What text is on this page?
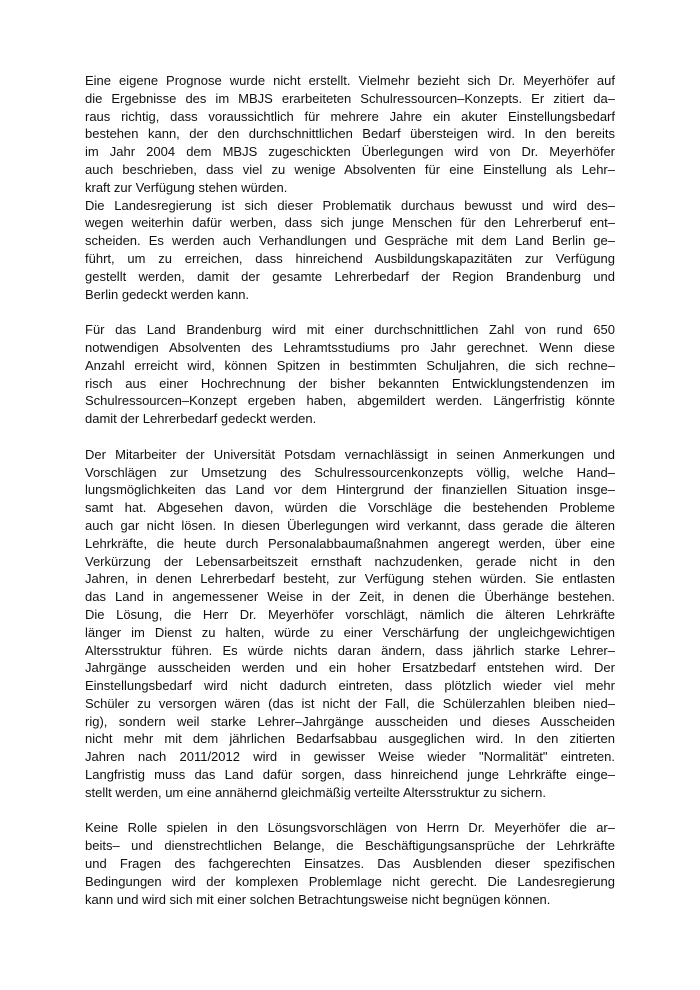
Eine eigene Prognose wurde nicht erstellt. Vielmehr bezieht sich Dr. Meyerhöfer auf
die Ergebnisse des im MBJS erarbeiteten Schulressourcen–Konzepts. Er zitiert da–
raus richtig, dass voraussichtlich für mehrere Jahre ein akuter Einstellungsbedarf
bestehen kann, der den durchschnittlichen Bedarf übersteigen wird. In den bereits
im Jahr 2004 dem MBJS zugeschickten Überlegungen wird von Dr. Meyerhöfer
auch beschrieben, dass viel zu wenige Absolventen für eine Einstellung als Lehr–
kraft zur Verfügung stehen würden.
Die Landesregierung ist sich dieser Problematik durchaus bewusst und wird des–
wegen weiterhin dafür werben, dass sich junge Menschen für den Lehrerberuf ent–
scheiden. Es werden auch Verhandlungen und Gespräche mit dem Land Berlin ge–
führt, um zu erreichen, dass hinreichend Ausbildungskapazitäten zur Verfügung
gestellt werden, damit der gesamte Lehrerbedarf der Region Brandenburg und
Berlin gedeckt werden kann.
Für das Land Brandenburg wird mit einer durchschnittlichen Zahl von rund 650
notwendigen Absolventen des Lehramtsstudiums pro Jahr gerechnet. Wenn diese
Anzahl erreicht wird, können Spitzen in bestimmten Schuljahren, die sich rechne–
risch aus einer Hochrechnung der bisher bekannten Entwicklungstendenzen im
Schulressourcen–Konzept ergeben haben, abgemildert werden. Längerfristig könnte
damit der Lehrerbedarf gedeckt werden.
Der Mitarbeiter der Universität Potsdam vernachlässigt in seinen Anmerkungen und
Vorschlägen zur Umsetzung des Schulressourcenkonzepts völlig, welche Hand–
lungsmöglichkeiten das Land vor dem Hintergrund der finanziellen Situation insge–
samt hat. Abgesehen davon, würden die Vorschläge die bestehenden Probleme
auch gar nicht lösen. In diesen Überlegungen wird verkannt, dass gerade die älteren
Lehrkräfte, die heute durch Personalabbaumaßnahmen angeregt werden, über eine
Verkürzung der Lebensarbeitszeit ernsthaft nachzudenken, gerade nicht in den
Jahren, in denen Lehrerbedarf besteht, zur Verfügung stehen würden. Sie entlasten
das Land in angemessener Weise in der Zeit, in denen die Überhänge bestehen.
Die Lösung, die Herr Dr. Meyerhöfer vorschlägt, nämlich die älteren Lehrkräfte
länger im Dienst zu halten, würde zu einer Verschärfung der ungleichgewichtigen
Altersstruktur führen. Es würde nichts daran ändern, dass jährlich starke Lehrer–
Jahrgänge ausscheiden werden und ein hoher Ersatzbedarf entstehen wird. Der
Einstellungsbedarf wird nicht dadurch eintreten, dass plötzlich wieder viel mehr
Schüler zu versorgen wären (das ist nicht der Fall, die Schülerzahlen bleiben nied–
rig), sondern weil starke Lehrer–Jahrgänge ausscheiden und dieses Ausscheiden
nicht mehr mit dem jährlichen Bedarfsabbau ausgeglichen wird. In den zitierten
Jahren nach 2011/2012 wird in gewisser Weise wieder "Normalität" eintreten.
Langfristig muss das Land dafür sorgen, dass hinreichend junge Lehrkräfte einge–
stellt werden, um eine annähernd gleichmäßig verteilte Altersstruktur zu sichern.
Keine Rolle spielen in den Lösungsvorschlägen von Herrn Dr. Meyerhöfer die ar–
beits– und dienstrechtlichen Belange, die Beschäftigungsansprüche der Lehrkräfte
und Fragen des fachgerechten Einsatzes. Das Ausblenden dieser spezifischen
Bedingungen wird der komplexen Problemlage nicht gerecht. Die Landesregierung
kann und wird sich mit einer solchen Betrachtungsweise nicht begnügen können.
